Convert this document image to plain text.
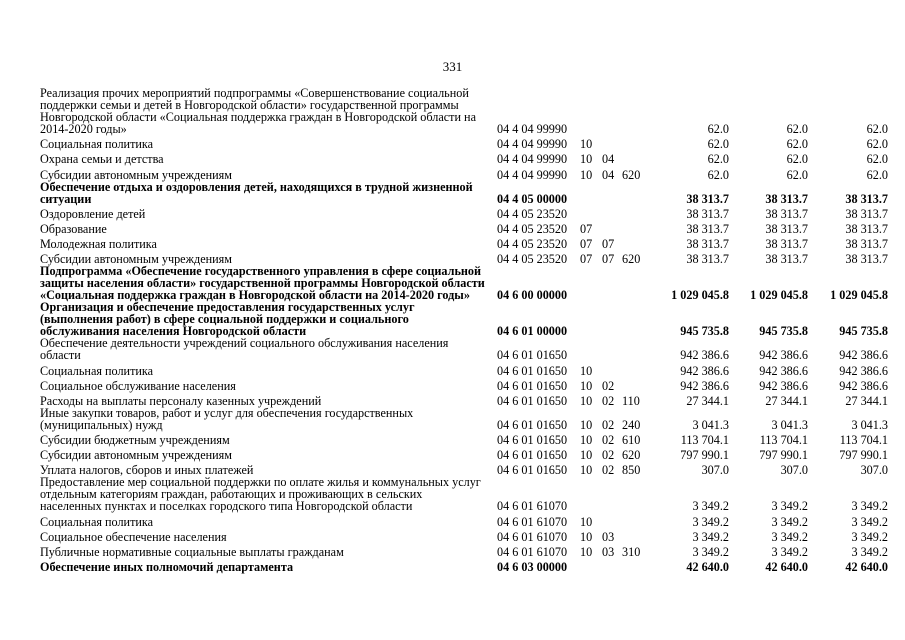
331
Реализация прочих мероприятий подпрограммы «Совершенствование социальной поддержки семьи и детей в Новгородской области» государственной программы Новгородской области «Социальная поддержка граждан в Новгородской области на 2014-2020 годы»	04 4 04 99990				62.0	62.0	62.0
Социальная политика	04 4 04 99990	10			62.0	62.0	62.0
Охрана семьи и детства	04 4 04 99990	10	04		62.0	62.0	62.0
Субсидии автономным учреждениям	04 4 04 99990	10	04	620	62.0	62.0	62.0
Обеспечение отдыха и оздоровления детей, находящихся в трудной жизненной ситуации	04 4 05 00000				38 313.7	38 313.7	38 313.7
Оздоровление детей	04 4 05 23520				38 313.7	38 313.7	38 313.7
Образование	04 4 05 23520	07			38 313.7	38 313.7	38 313.7
Молодежная политика	04 4 05 23520	07	07		38 313.7	38 313.7	38 313.7
Субсидии автономным учреждениям	04 4 05 23520	07	07	620	38 313.7	38 313.7	38 313.7
Подпрограмма «Обеспечение государственного управления в сфере социальной защиты населения области» государственной программы Новгородской области «Социальная поддержка граждан в Новгородской области на 2014-2020 годы»	04 6 00 00000				1 029 045.8	1 029 045.8	1 029 045.8
Организация и обеспечение предоставления государственных услуг (выполнения работ) в сфере социальной поддержки и социального обслуживания населения Новгородской области	04 6 01 00000				945 735.8	945 735.8	945 735.8
Обеспечение деятельности учреждений социального обслуживания населения области	04 6 01 01650				942 386.6	942 386.6	942 386.6
Социальная политика	04 6 01 01650	10			942 386.6	942 386.6	942 386.6
Социальное обслуживание населения	04 6 01 01650	10	02		942 386.6	942 386.6	942 386.6
Расходы на выплаты персоналу казенных учреждений	04 6 01 01650	10	02	110	27 344.1	27 344.1	27 344.1
Иные закупки товаров, работ и услуг для обеспечения государственных (муниципальных) нужд	04 6 01 01650	10	02	240	3 041.3	3 041.3	3 041.3
Субсидии бюджетным учреждениям	04 6 01 01650	10	02	610	113 704.1	113 704.1	113 704.1
Субсидии автономным учреждениям	04 6 01 01650	10	02	620	797 990.1	797 990.1	797 990.1
Уплата налогов, сборов и иных платежей	04 6 01 01650	10	02	850	307.0	307.0	307.0
Предоставление мер социальной поддержки по оплате жилья и коммунальных услуг отдельным категориям граждан, работающих и проживающих в сельских населенных пунктах и поселках городского типа Новгородской области	04 6 01 61070				3 349.2	3 349.2	3 349.2
Социальная политика	04 6 01 61070	10			3 349.2	3 349.2	3 349.2
Социальное обеспечение населения	04 6 01 61070	10	03		3 349.2	3 349.2	3 349.2
Публичные нормативные социальные выплаты гражданам	04 6 01 61070	10	03	310	3 349.2	3 349.2	3 349.2
Обеспечение иных полномочий департамента	04 6 03 00000				42 640.0	42 640.0	42 640.0
